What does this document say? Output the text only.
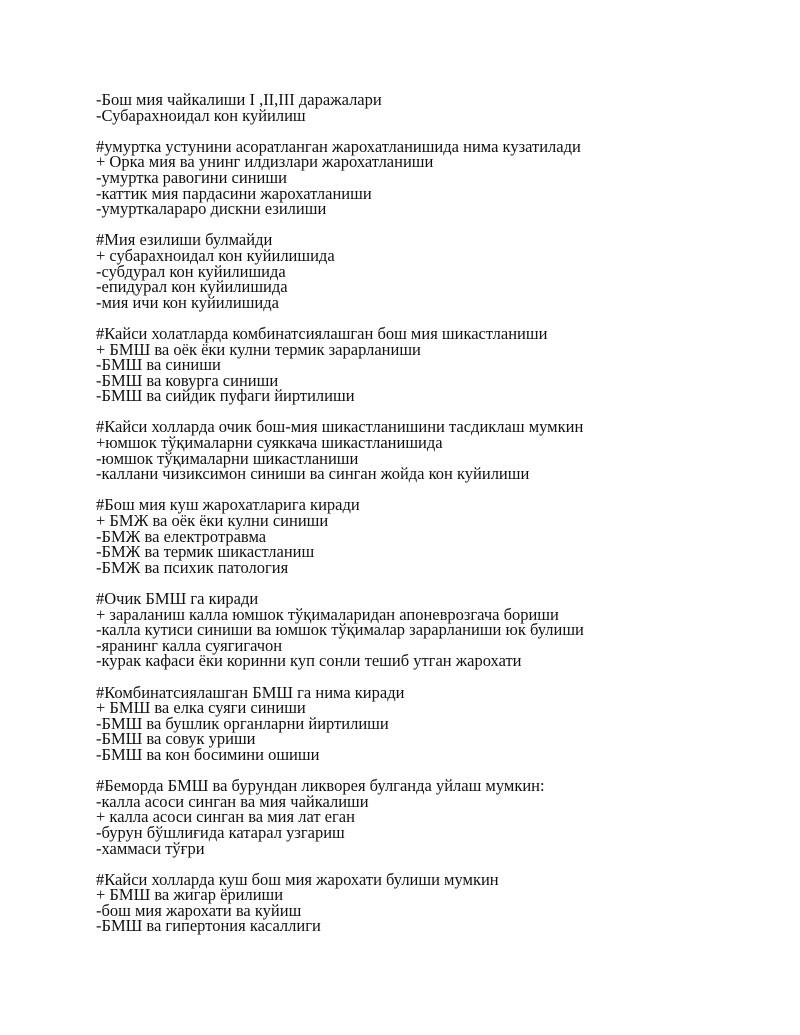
-Бош мия чайкалиши I ,II,III даражалари
-Субарахноидал кон куйилиш
#умуртка устунини асоратланган жарохатланишида нима кузатилади
+ Орка мия ва унинг илдизлари жарохатланиши
-умуртка равогини синиши
-каттик мия пардасини жарохатланиши
-умурткалараро дискни езилиши
#Мия езилиши булмайди
+ субарахноидал кон куйилишида
-субдурал кон куйилишида
-епидурал кон куйилишида
-мия ичи кон куйилишида
#Кайси холатларда комбинатсиялашган бош мия шикастланиши
+ БМШ ва оёк ёки кулни термик зарарланиши
-БМШ ва синиши
-БМШ ва ковурга синиши
-БМШ ва сийдик пуфаги йиртилиши
#Кайси холларда очик бош-мия шикастланишини тасдиклаш мумкин
+юмшок тўқималарни суяккача шикастланишида
-юмшок тўқималарни шикастланиши
-каллани чизиксимон синиши ва синган жойда кон куйилиши
#Бош мия куш жарохатларига киради
+ БМЖ ва оёк ёки кулни синиши
-БМЖ ва електротравма
-БМЖ ва термик шикастланиш
-БМЖ ва психик патология
#Очик БМШ га киради
+ зараланиш калла юмшок тўқималаридан апоневрозгача бориши
-калла кутиси синиши ва юмшок тўқималар зарарланиши юк булиши
-яранинг калла суягигачон
-курак кафаси ёки коринни куп сонли тешиб утган жарохати
#Комбинатсиялашган БМШ га нима киради
+ БМШ ва елка суяги синиши
-БМШ ва бушлик органларни йиртилиши
-БМШ ва совук уриши
-БМШ ва кон босимини ошиши
#Беморда БМШ ва бурундан ликворея булганда уйлаш мумкин:
-калла асоси синган ва мия чайкалиши
+ калла асоси синган ва мия лат еган
-бурун бўшлиғида катарал узгариш
-хаммаси тўғри
#Кайси холларда куш бош мия жарохати булиши мумкин
+ БМШ ва жигар ёрилиши
-бош мия жарохати ва куйиш
-БМШ ва гипертония касаллиги
